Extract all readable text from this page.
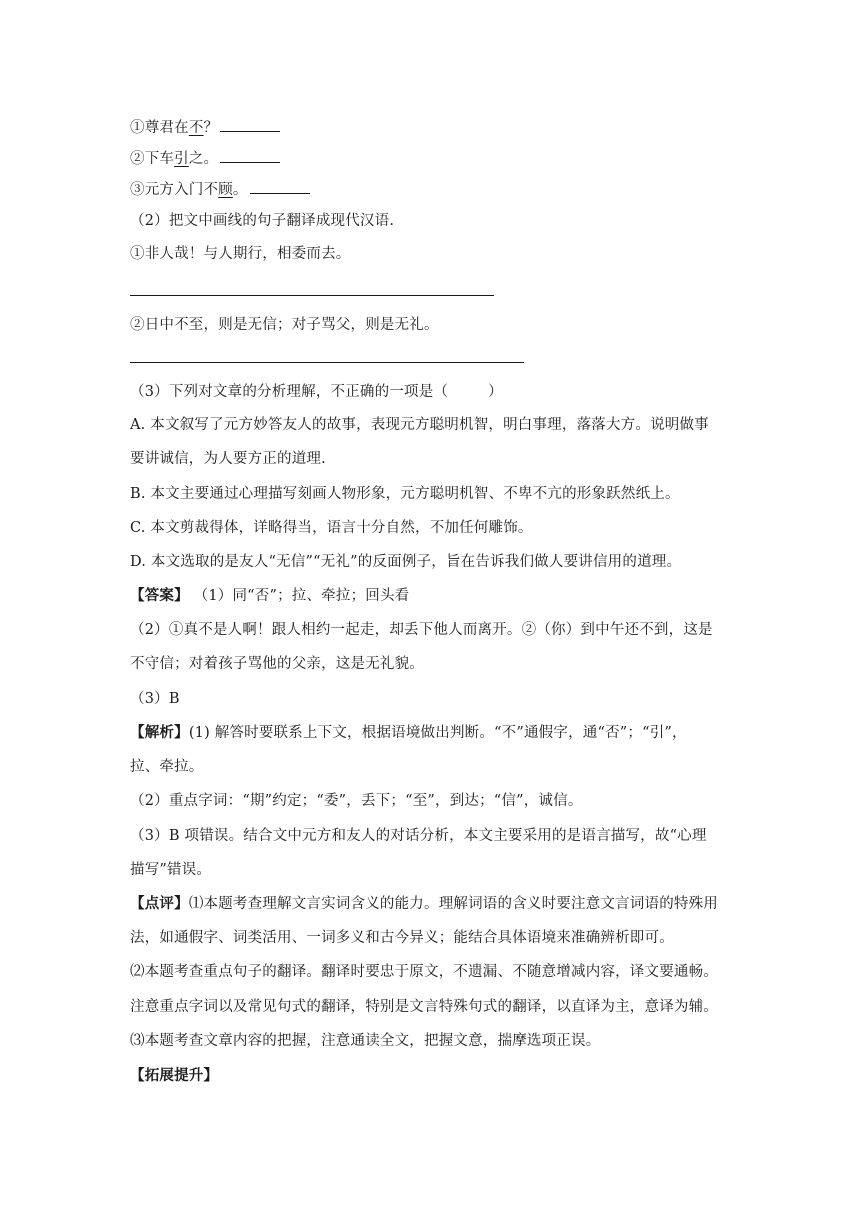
①尊君在不？
②下车引之。
③元方入门不顾。
（2）把文中画线的句子翻译成现代汉语.
①非人哉！与人期行，相委而去。
②日中不至，则是无信；对子骂父，则是无礼。
（3）下列对文章的分析理解，不正确的一项是（	）
A. 本文叙写了元方妙答友人的故事，表现元方聪明机智，明白事理，落落大方。说明做事
要讲诚信，为人要方正的道理.
B. 本文主要通过心理描写刻画人物形象，元方聪明机智、不卑不亢的形象跃然纸上。
C. 本文剪裁得体，详略得当，语言十分自然，不加任何雕饰。
D. 本文选取的是友人“无信”“无礼”的反面例子，旨在告诉我们做人要讲信用的道理。
【答案】 （1）同“否”；拉、牵拉；回头看
（2）①真不是人啊！跟人相约一起走，却丢下他人而离开。②（你）到中午还不到，这是
不守信；对着孩子骂他的父亲，这是无礼貌。
（3）B
【解析】(1) 解答时要联系上下文，根据语境做出判断。“不”通假字，通“否”；“引”，
拉、牵拉。
（2）重点字词：“期”约定；“委”，丢下；“至”，到达；“信”，诚信。
（3）B 项错误。结合文中元方和友人的对话分析，本文主要采用的是语言描写，故“心理
描写”错误。
【点评】⑴本题考查理解文言实词含义的能力。理解词语的含义时要注意文言词语的特殊用
法，如通假字、词类活用、一词多义和古今异义；能结合具体语境来准确辨析即可。
⑵本题考查重点句子的翻译。翻译时要忠于原文，不遗漏、不随意增减内容，译文要通畅。
注意重点字词以及常见句式的翻译，特别是文言特殊句式的翻译，以直译为主，意译为辅。
⑶本题考查文章内容的把握，注意通读全文，把握文意，揣摩选项正误。
【拓展提升】
